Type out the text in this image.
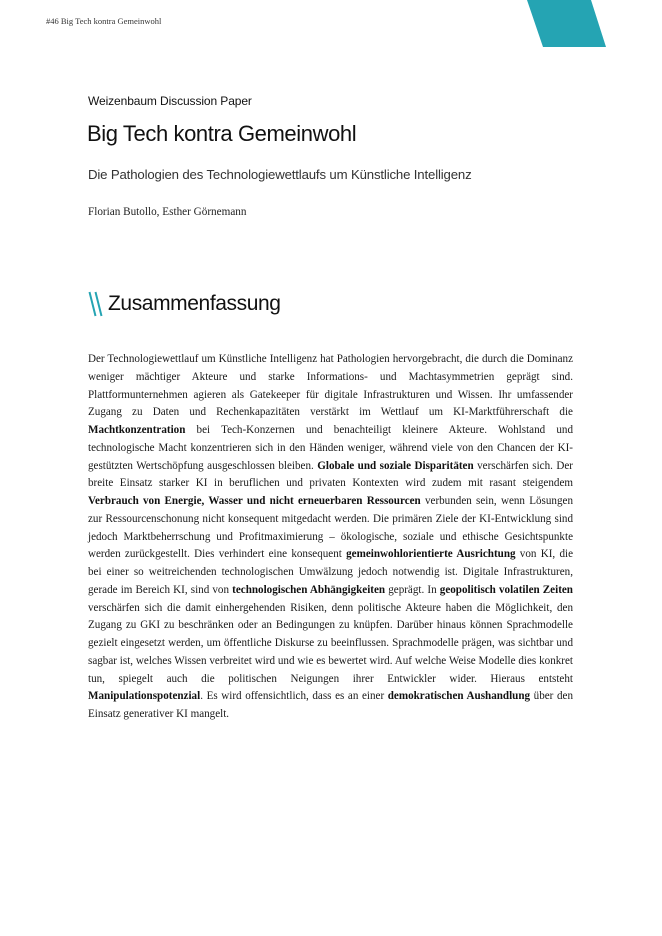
#46 Big Tech kontra Gemeinwohl
Weizenbaum Discussion Paper
Big Tech kontra Gemeinwohl
Die Pathologien des Technologiewettlaufs um Künstliche Intelligenz
Florian Butollo, Esther Görnemann
Zusammenfassung

Der Technologiewettlauf um Künstliche Intelligenz hat Pathologien hervorgebracht, die durch die Dominanz weniger mächtiger Akteure und starke Informations- und Machtasymmetrien geprägt sind. Plattformunternehmen agieren als Gatekeeper für digitale Infrastrukturen und Wissen. Ihr umfassender Zugang zu Daten und Rechenkapazitäten verstärkt im Wettlauf um KI-Marktführerschaft die Machtkonzentration bei Tech-Konzernen und benachteiligt kleinere Akteure. Wohlstand und technologische Macht konzentrieren sich in den Händen weniger, während viele von den Chancen der KI-gestützten Wertschöpfung ausgeschlossen bleiben. Globale und soziale Disparitäten verschärfen sich. Der breite Einsatz starker KI in beruflichen und privaten Kontexten wird zudem mit rasant steigendem Verbrauch von Energie, Wasser und nicht erneuerbaren Ressourcen verbunden sein, wenn Lösungen zur Ressourcenschonung nicht konsequent mitgedacht werden. Die primären Ziele der KI-Entwicklung sind jedoch Marktbeherrschung und Profitmaximierung – ökologische, soziale und ethische Gesichtspunkte werden zurückgestellt. Dies verhindert eine konsequent gemeinwohlorientierte Ausrichtung von KI, die bei einer so weitreichenden technologischen Umwälzung jedoch notwendig ist. Digitale Infrastrukturen, gerade im Bereich KI, sind von technologischen Abhängigkeiten geprägt. In geopolitisch volatilen Zeiten verschärfen sich die damit einhergehenden Risiken, denn politische Akteure haben die Möglichkeit, den Zugang zu GKI zu beschränken oder an Bedingungen zu knüpfen. Darüber hinaus können Sprachmodelle gezielt eingesetzt werden, um öffentliche Diskurse zu beeinflussen. Sprachmodelle prägen, was sichtbar und sagbar ist, welches Wissen verbreitet wird und wie es bewertet wird. Auf welche Weise Modelle dies konkret tun, spiegelt auch die politischen Neigungen ihrer Entwickler wider. Hieraus entsteht Manipulationspotenzial. Es wird offensichtlich, dass es an einer demokratischen Aushandlung über den Einsatz generativer KI mangelt.
